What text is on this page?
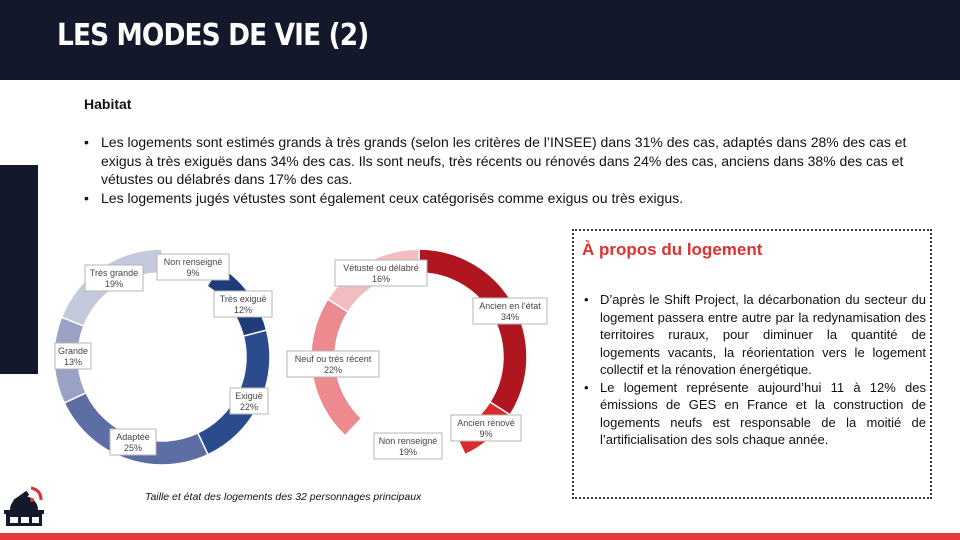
LES MODES DE VIE (2)
Habitat
• Les logements sont estimés grands à très grands (selon les critères de l’INSEE) dans 31% des cas, adaptés dans 28% des cas et exigus à très exiguës dans 34% des cas. Ils sont neufs, très récents ou rénovés dans 24% des cas, anciens dans 38% des cas et vétustes ou délabrés dans 17% des cas.
• Les logements jugés vétustes sont également ceux catégorisés comme exigus ou très exigus.
Non renseigné
9%
Très exiguë
12%
Exiguë
22%
Adaptée
25%
Grande
13%
Très grande
19%
Ancien en l’état
34%
Ancien rénové
9%
Non renseigné
19%
Neuf ou très récent
22%
Vétuste ou délabré
16%
Taille et état des logements des 32 personnages principaux
À propos du logement
• D’après le Shift Project, la décarbonation du secteur du logement passera entre autre par la redynamisation des territoires ruraux, pour diminuer la quantité de logements vacants, la réorientation vers le logement collectif et la rénovation énergétique.
• Le logement représente aujourd’hui 11 à 12% des émissions de GES en France et la construction de logements neufs est responsable de la moitié de l’artificialisation des sols chaque année.
